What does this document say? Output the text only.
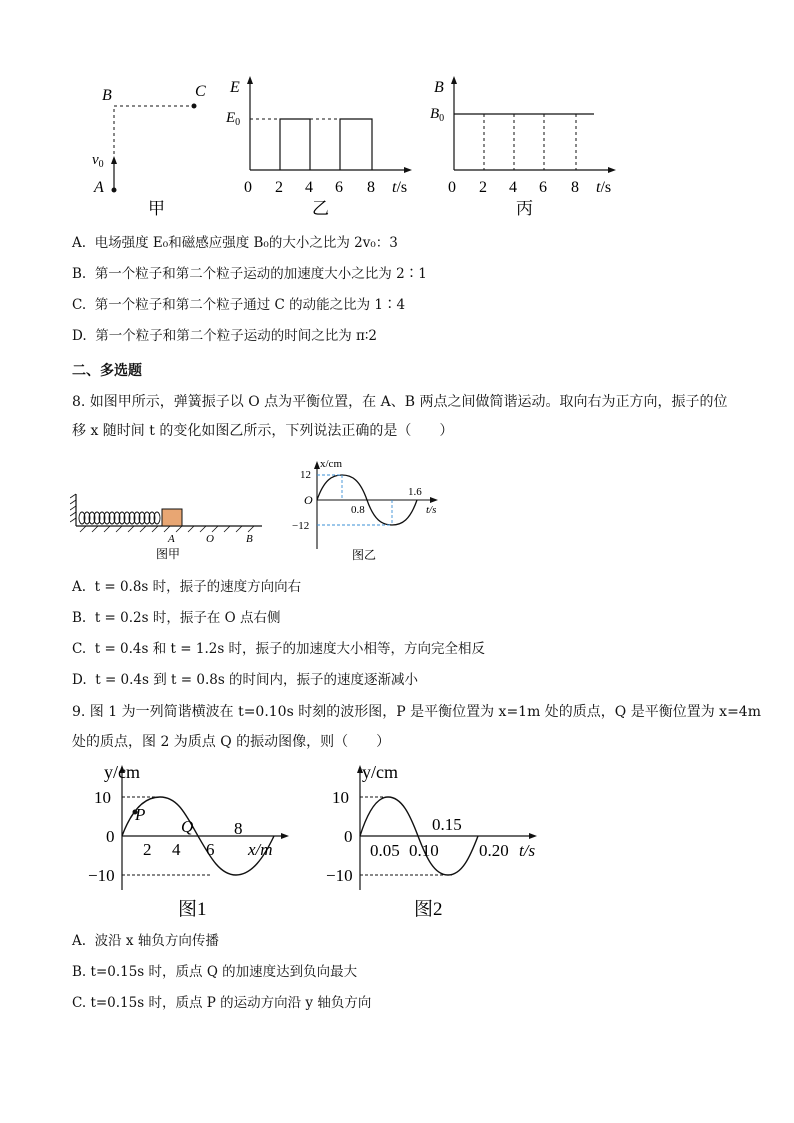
B	C
$v_0$
A
甲
E
$E_0$
0 2 4 6 8 t/s
乙
B
$B_0$
0 2 4 6 8 t/s
丙
A. 电场强度 E₀和磁感应强度 B₀的大小之比为 2v₀：3
B. 第一个粒子和第二个粒子运动的加速度大小之比为 2∶1
C. 第一个粒子和第二个粒子通过 C 的动能之比为 1∶4
D. 第一个粒子和第二个粒子运动的时间之比为 π∶2
二、多选题
8. 如图甲所示，弹簧振子以 O 点为平衡位置，在 A、B 两点之间做简谐运动。取向右为正方向，振子的位
移 x 随时间 t 的变化如图乙所示，下列说法正确的是（　　）
A	O	B
图甲
x/cm
12
O
−12
0.8
1.6
t/s
图乙
A. t = 0.8s 时，振子的速度方向向右
B. t = 0.2s 时，振子在 O 点右侧
C. t = 0.4s 和 t = 1.2s 时，振子的加速度大小相等，方向完全相反
D. t = 0.4s 到 t = 0.8s 的时间内，振子的速度逐渐减小
9. 图 1 为一列简谐横波在 t=0.10s 时刻的波形图，P 是平衡位置为 x=1m 处的质点，Q 是平衡位置为 x=4m
处的质点，图 2 为质点 Q 的振动图像，则（　　）
y/cm
10
0
−10
P
Q
2 4 6
8
x/m
图1
y/cm
10
0
−10
0.05 0.10
0.15
0.20 t/s
图2
A. 波沿 x 轴负方向传播
B. t=0.15s 时，质点 Q 的加速度达到负向最大
C. t=0.15s 时，质点 P 的运动方向沿 y 轴负方向
